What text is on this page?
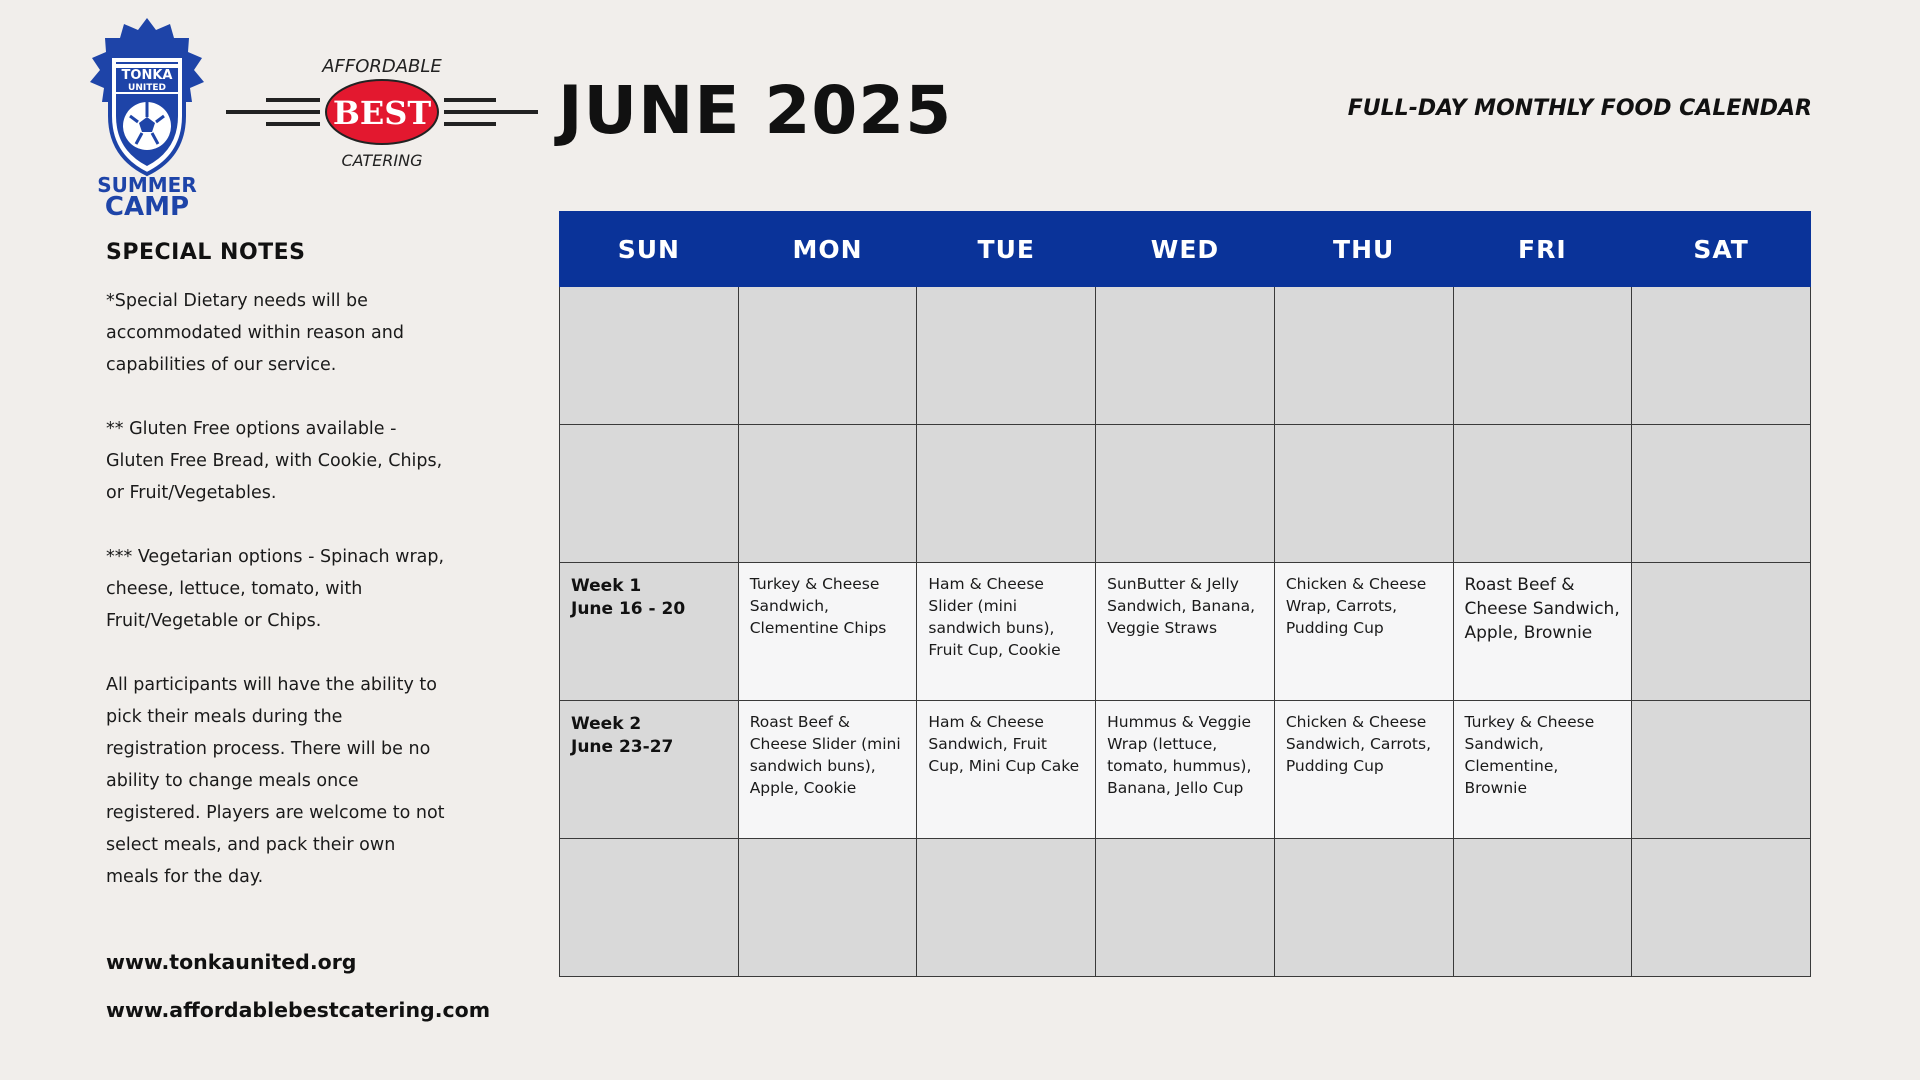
TONKA
UNITED
SUMMER
CAMP
BEST
AFFORDABLE
CATERING
JUNE 2025	FULL-DAY MONTHLY FOOD CALENDAR
SPECIAL NOTES

*Special Dietary needs will be accommodated within reason and capabilities of our service.

** Gluten Free options available - Gluten Free Bread, with Cookie, Chips, or Fruit/Vegetables.

*** Vegetarian options - Spinach wrap, cheese, lettuce, tomato, with Fruit/Vegetable or Chips.

All participants will have the ability to pick their meals during the registration process. There will be no ability to change meals once registered. Players are welcome to not select meals, and pack their own meals for the day.

www.tonkaunited.org
www.affordablebestcatering.com
SUN	MON	TUE	WED	THU	FRI	SAT

Week 1
June 16 - 20	Turkey & Cheese Sandwich, Clementine Chips	Ham & Cheese Slider (mini sandwich buns), Fruit Cup, Cookie	SunButter & Jelly Sandwich, Banana, Veggie Straws	Chicken & Cheese Wrap, Carrots, Pudding Cup	Roast Beef & Cheese Sandwich, Apple, Brownie	

Week 2
June 23-27	Roast Beef & Cheese Slider (mini sandwich buns), Apple, Cookie	Ham & Cheese Sandwich, Fruit Cup, Mini Cup Cake	Hummus & Veggie Wrap (lettuce, tomato, hummus), Banana, Jello Cup	Chicken & Cheese Sandwich, Carrots, Pudding Cup	Turkey & Cheese Sandwich, Clementine, Brownie	
